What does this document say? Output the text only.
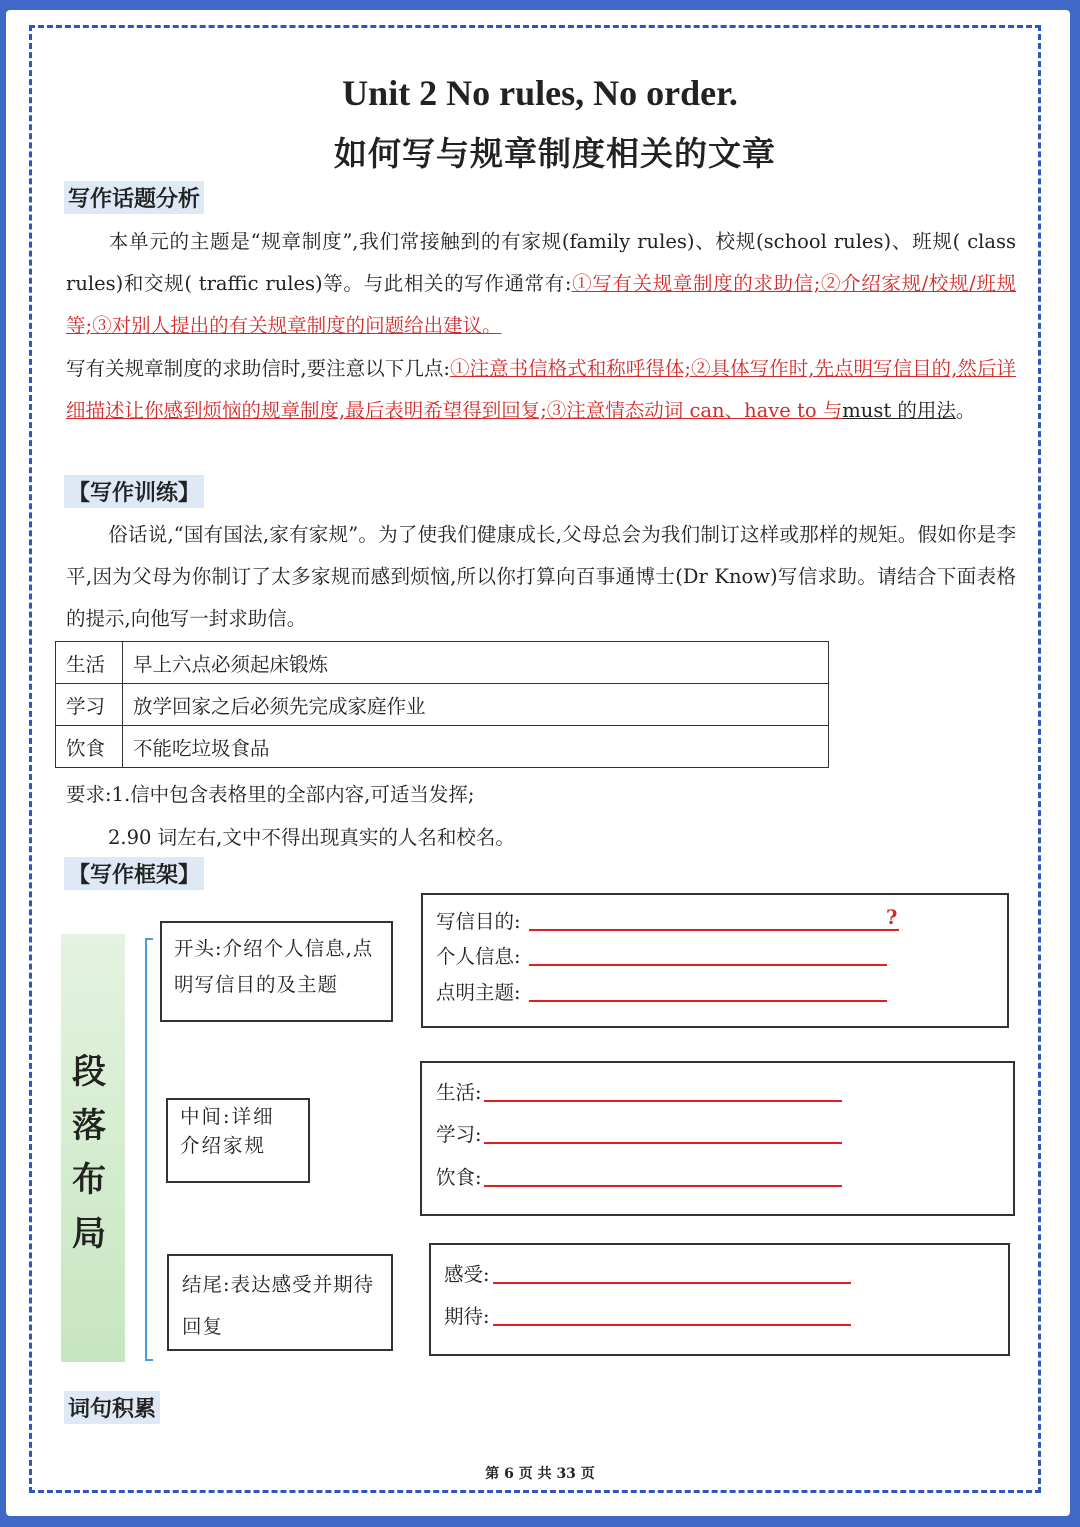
Unit 2 No rules, No order.
如何写与规章制度相关的文章
写作话题分析
本单元的主题是“规章制度”,我们常接触到的有家规(family rules)、校规(school rules)、班规( class rules)和交规( traffic rules)等。与此相关的写作通常有:①写有关规章制度的求助信;②介绍家规/校规/班规等;③对别人提出的有关规章制度的问题给出建议。
写有关规章制度的求助信时,要注意以下几点:①注意书信格式和称呼得体;②具体写作时,先点明写信目的,然后详细描述让你感到烦恼的规章制度,最后表明希望得到回复;③注意情态动词 can、have to 与must 的用法。
【写作训练】
俗话说,“国有国法,家有家规”。为了使我们健康成长,父母总会为我们制订这样或那样的规矩。假如你是李平,因为父母为你制订了太多家规而感到烦恼,所以你打算向百事通博士(Dr Know)写信求助。请结合下面表格的提示,向他写一封求助信。
生活	早上六点必须起床锻炼
学习	放学回家之后必须先完成家庭作业
饮食	不能吃垃圾食品
要求:1.信中包含表格里的全部内容,可适当发挥;
2.90 词左右,文中不得出现真实的人名和校名。
【写作框架】
段
落
布
局
开头:介绍个人信息,点明写信目的及主题
中间:详细介绍家规
结尾:表达感受并期待回复
写信目的:	?
个人信息:
点明主题:
生活:
学习:
饮食:
感受:
期待:
词句积累
第 6 页 共 33 页
